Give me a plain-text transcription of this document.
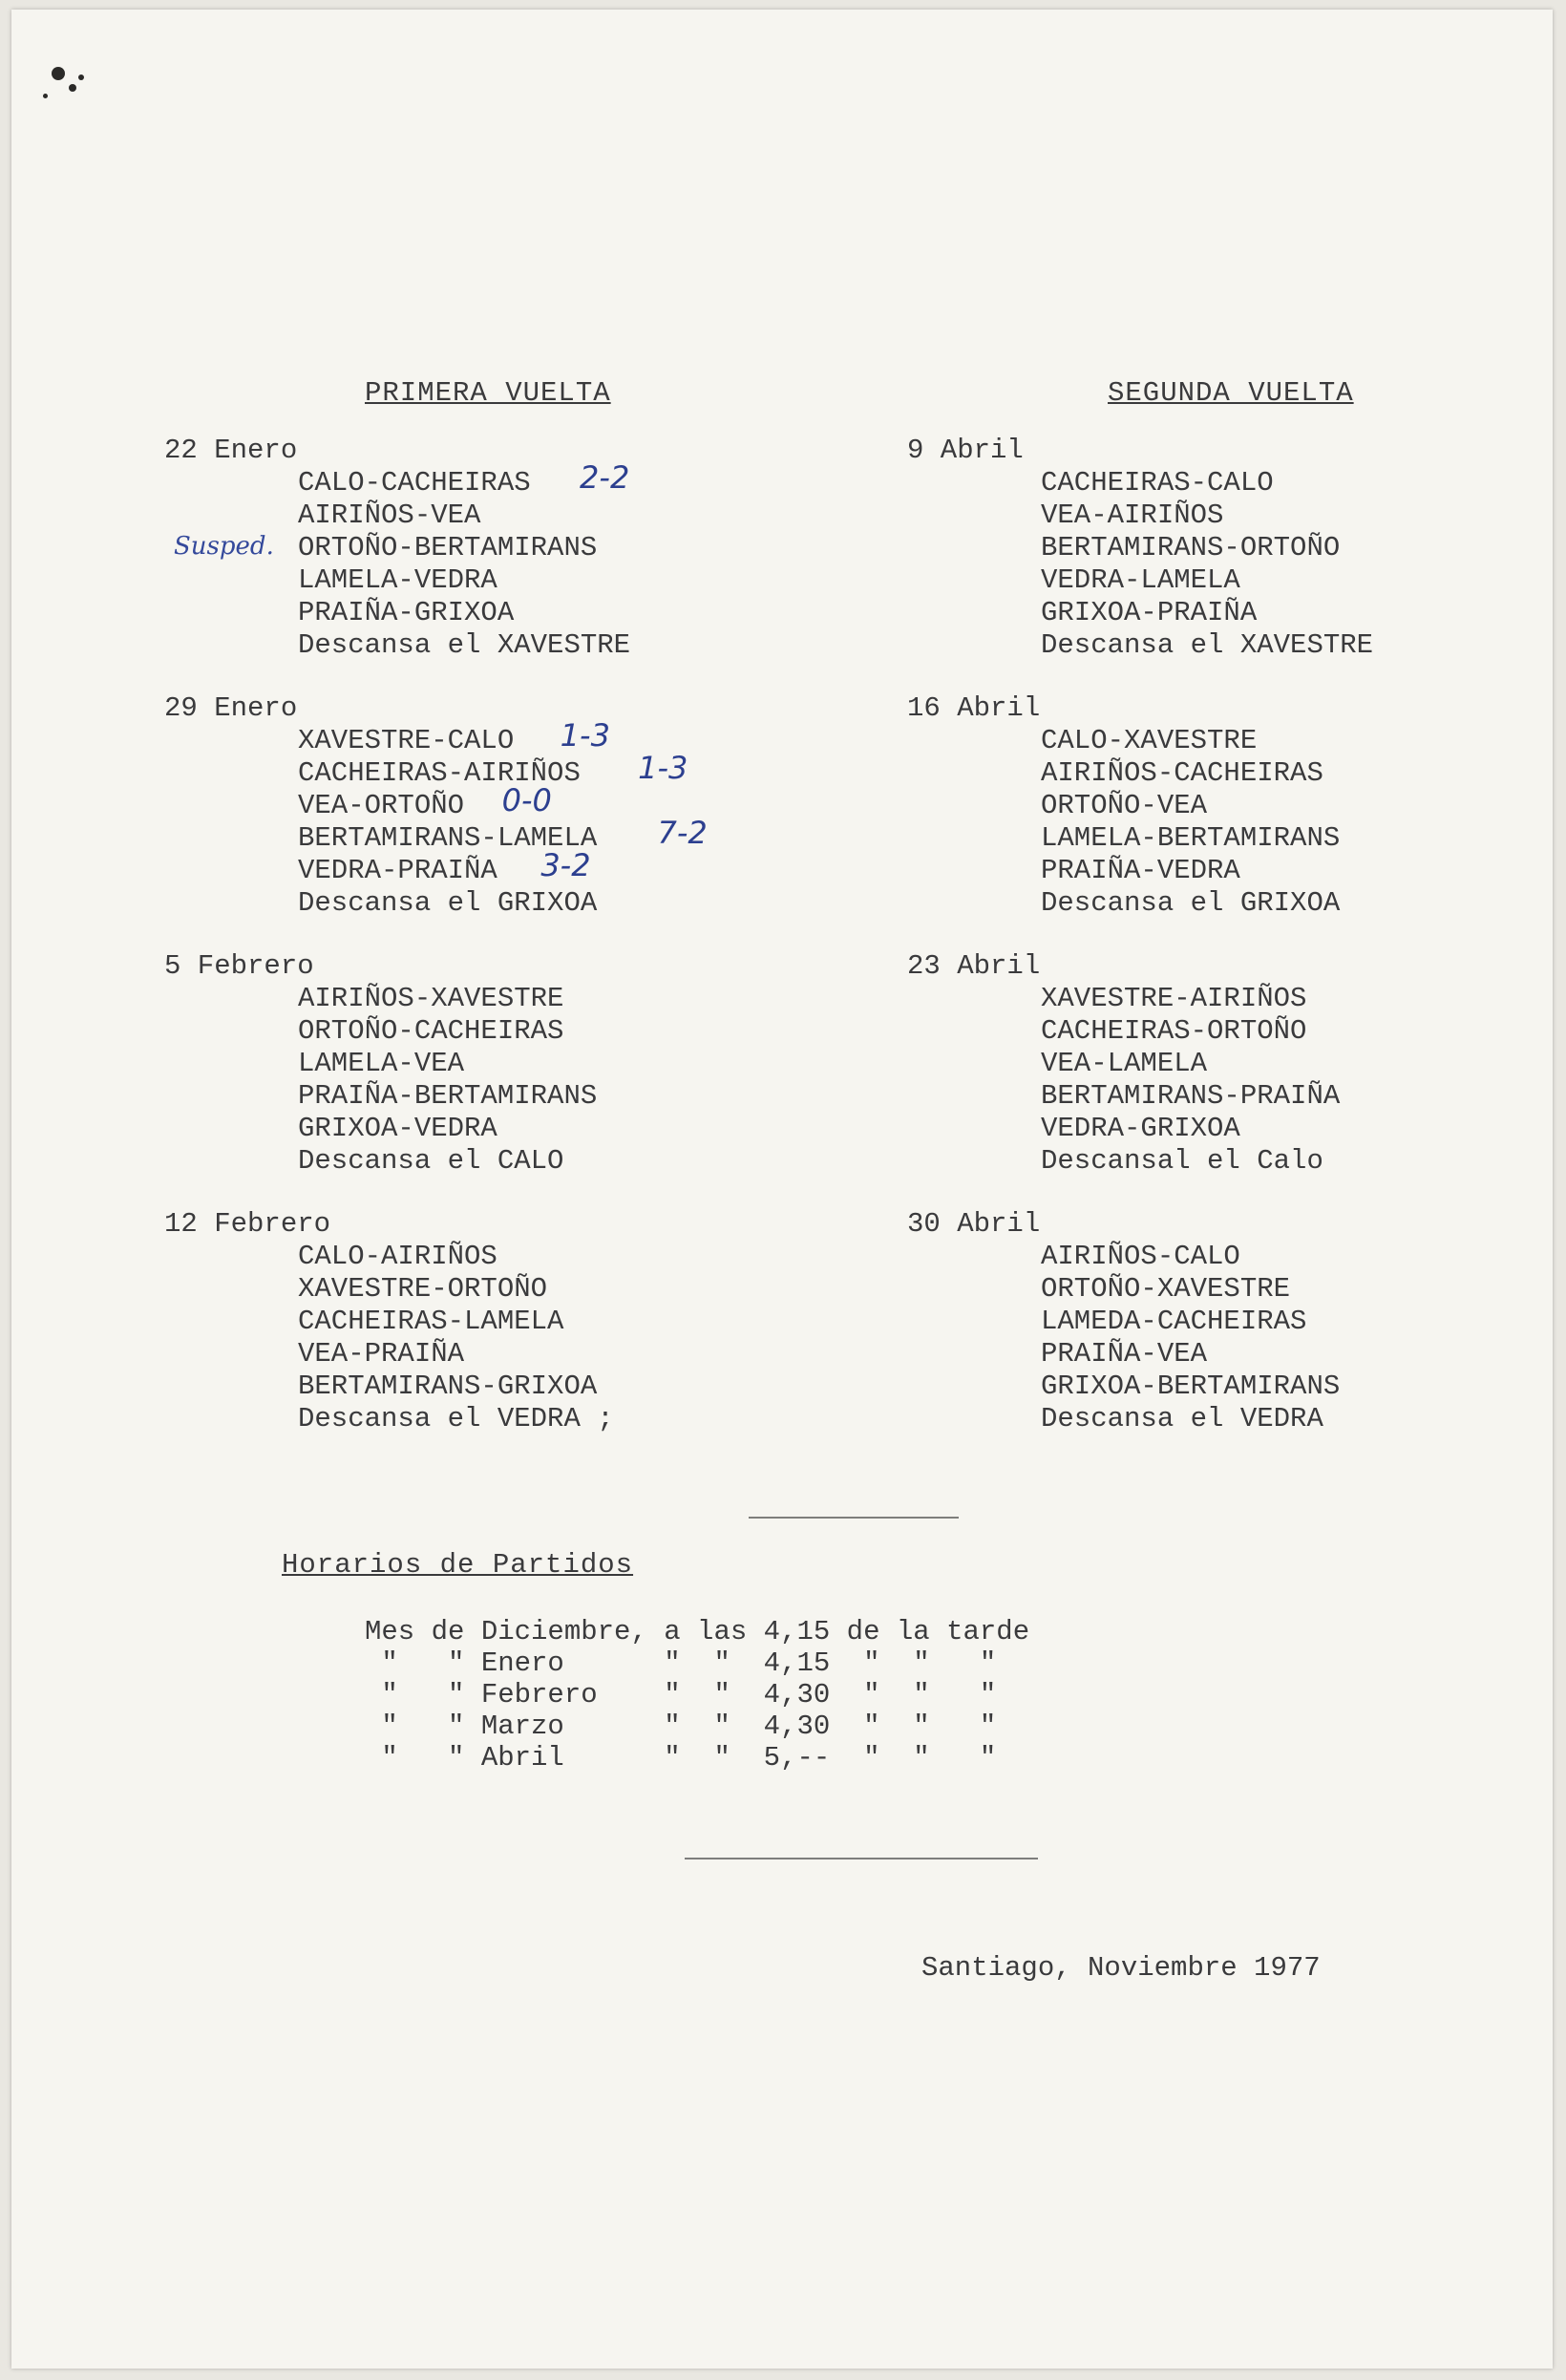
PRIMERA VUELTA
22 Enero
CALO-CACHEIRAS 2-2
AIRIÑOS-VEA
ORTOÑO-BERTAMIRANS
Susped.
LAMELA-VEDRA
PRAIÑA-GRIXOA
Descansa el XAVESTRE
29 Enero
XAVESTRE-CALO 1-3
CACHEIRAS-AIRIÑOS 1-3
VEA-ORTOÑO 0-0
BERTAMIRANS-LAMELA 7-2
VEDRA-PRAIÑA 3-2
Descansa el GRIXOA
5 Febrero
AIRIÑOS-XAVESTRE
ORTOÑO-CACHEIRAS
LAMELA-VEA
PRAIÑA-BERTAMIRANS
GRIXOA-VEDRA
Descansa el CALO
12 Febrero
CALO-AIRIÑOS
XAVESTRE-ORTOÑO
CACHEIRAS-LAMELA
VEA-PRAIÑA
BERTAMIRANS-GRIXOA
Descansa el VEDRA ;
SEGUNDA VUELTA
9 Abril
CACHEIRAS-CALO
VEA-AIRIÑOS
BERTAMIRANS-ORTOÑO
VEDRA-LAMELA
GRIXOA-PRAIÑA
Descansa el XAVESTRE
16 Abril
CALO-XAVESTRE
AIRIÑOS-CACHEIRAS
ORTOÑO-VEA
LAMELA-BERTAMIRANS
PRAIÑA-VEDRA
Descansa el GRIXOA
23 Abril
XAVESTRE-AIRIÑOS
CACHEIRAS-ORTOÑO
VEA-LAMELA
BERTAMIRANS-PRAIÑA
VEDRA-GRIXOA
Descansal el Calo
30 Abril
AIRIÑOS-CALO
ORTOÑO-XAVESTRE
LAMEDA-CACHEIRAS
PRAIÑA-VEA
GRIXOA-BERTAMIRANS
Descansa el VEDRA
Horarios de Partidos
Mes de Diciembre, a las 4,15 de la tarde
"   " Enero      "  "  4,15  "  "   "
"   " Febrero    "  "  4,30  "  "   "
"   " Marzo      "  "  4,30  "  "   "
"   " Abril      "  "  5,--  "  "   "
Santiago, Noviembre 1977
